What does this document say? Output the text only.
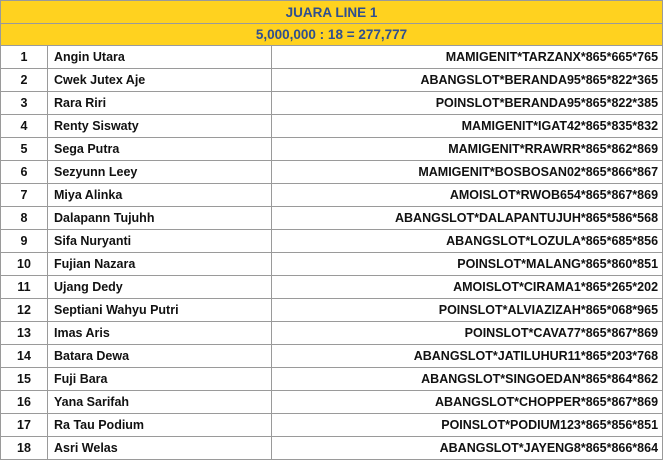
JUARA LINE 1		
5,000,000 : 18 = 277,777		
1	Angin Utara	MAMIGENIT*TARZANX*865*665*765
2	Cwek Jutex Aje	ABANGSLOT*BERANDA95*865*822*365
3	Rara Riri	POINSLOT*BERANDA95*865*822*385
4	Renty Siswaty	MAMIGENIT*IGAT42*865*835*832
5	Sega Putra	MAMIGENIT*RRAWRR*865*862*869
6	Sezyunn Leey	MAMIGENIT*BOSBOSAN02*865*866*867
7	Miya Alinka	AMOISLOT*RWOB654*865*867*869
8	Dalapann Tujuhh	ABANGSLOT*DALAPANTUJUH*865*586*568
9	Sifa Nuryanti	ABANGSLOT*LOZULA*865*685*856
10	Fujian Nazara	POINSLOT*MALANG*865*860*851
11	Ujang Dedy	AMOISLOT*CIRAMA1*865*265*202
12	Septiani Wahyu Putri	POINSLOT*ALVIAZIZAH*865*068*965
13	Imas Aris	POINSLOT*CAVA77*865*867*869
14	Batara Dewa	ABANGSLOT*JATILUHUR11*865*203*768
15	Fuji Bara	ABANGSLOT*SINGOEDAN*865*864*862
16	Yana Sarifah	ABANGSLOT*CHOPPER*865*867*869
17	Ra Tau Podium	POINSLOT*PODIUM123*865*856*851
18	Asri Welas	ABANGSLOT*JAYENG8*865*866*864
